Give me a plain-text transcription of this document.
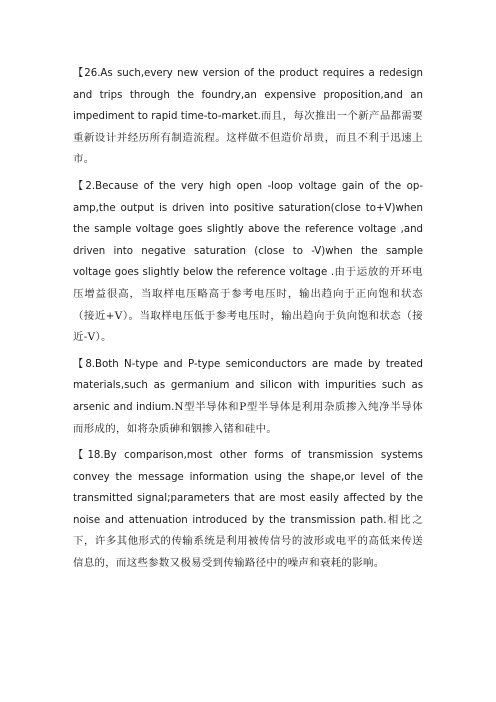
【26.As such,every new version of the product requires a redesign and trips through the foundry,an expensive proposition,and an impediment to rapid time-to-market.而且，每次推出一个新产品都需要重新设计并经历所有制造流程。这样做不但造价昂贵，而且不利于迅速上市。

【2.Because of the very high open -loop voltage gain of the op-amp,the output is driven into positive saturation(close to+V)when the sample voltage goes slightly above the reference voltage ,and driven into negative saturation (close to -V)when the sample voltage goes slightly below the reference voltage .由于运放的开环电压增益很高，当取样电压略高于参考电压时，输出趋向于正向饱和状态（接近+V）。当取样电压低于参考电压时，输出趋向于负向饱和状态（接近-V）。

【8.Both N-type and P-type semiconductors are made by treated materials,such as germanium and silicon with impurities such as arsenic and indium.N型半导体和P型半导体是利用杂质掺入纯净半导体而形成的，如将杂质砷和铟掺入锗和硅中。

【18.By comparison,most other forms of transmission systems convey the message information using the shape,or level of the transmitted signal;parameters that are most easily affected by the noise and attenuation introduced by the transmission path.相比之下，许多其他形式的传输系统是利用被传信号的波形或电平的高低来传送信息的，而这些参数又极易受到传输路径中的噪声和衰耗的影响。
